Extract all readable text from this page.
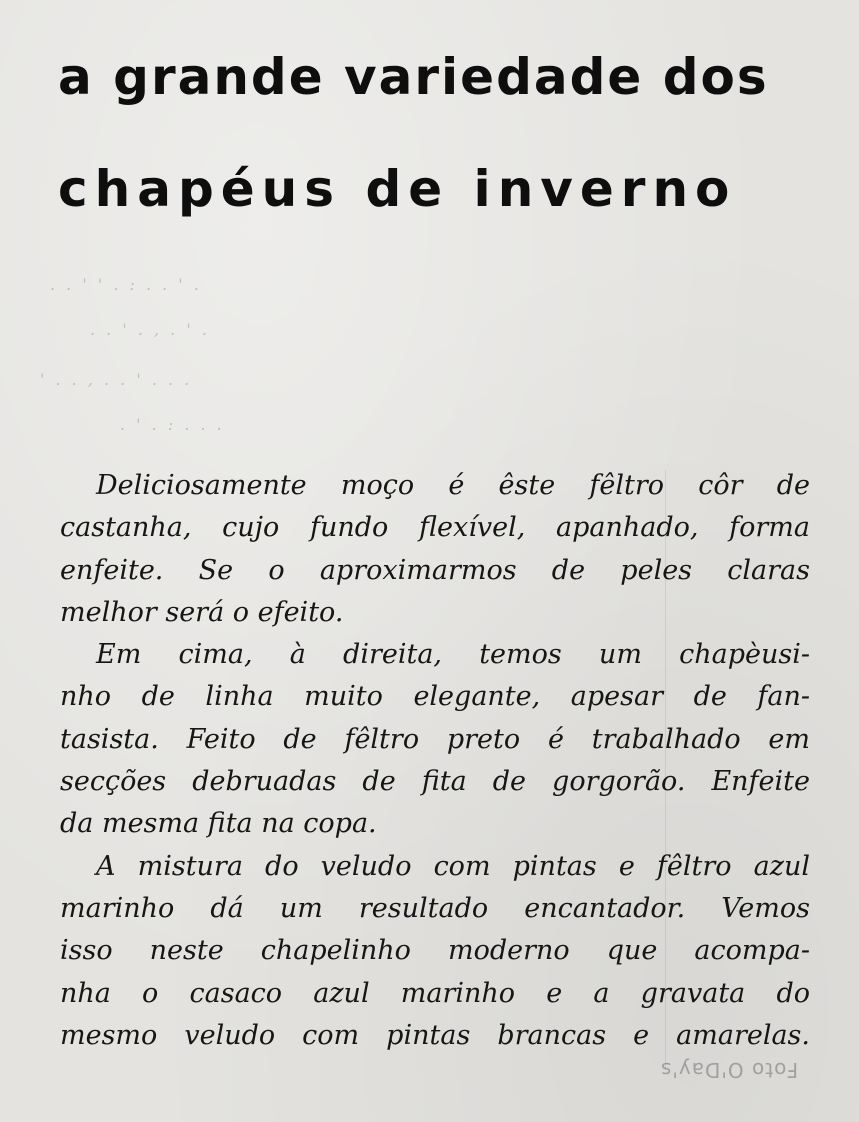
a grande variedade dos
chapéus de inverno
. . ' ' . : . . ' .
. . ' . , . ' .
' . . , . . ' . . .
. ' . : . . .
Deliciosamente moço é êste fêltro côr de
castanha, cujo fundo flexível, apanhado, forma
enfeite. Se o aproximarmos de peles claras
melhor será o efeito.
Em cima, à direita, temos um chapèusi-
nho de linha muito elegante, apesar de fan-
tasista. Feito de fêltro preto é trabalhado em
secções debruadas de fita de gorgorão. Enfeite
da mesma fita na copa.
A mistura do veludo com pintas e fêltro azul
marinho dá um resultado encantador. Vemos
isso neste chapelinho moderno que acompa-
nha o casaco azul marinho e a gravata do
mesmo veludo com pintas brancas e amarelas.
Foto O'Day's
